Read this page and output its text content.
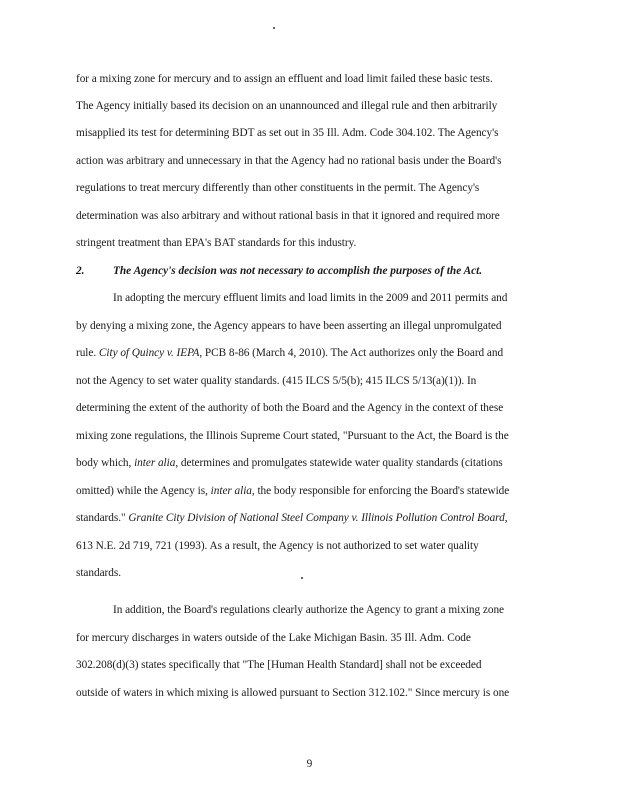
for a mixing zone for mercury and to assign an effluent and load limit failed these basic tests.
The Agency initially based its decision on an unannounced and illegal rule and then arbitrarily
misapplied its test for determining BDT as set out in 35 Ill. Adm. Code 304.102. The Agency's
action was arbitrary and unnecessary in that the Agency had no rational basis under the Board's
regulations to treat mercury differently than other constituents in the permit. The Agency's
determination was also arbitrary and without rational basis in that it ignored and required more
stringent treatment than EPA's BAT standards for this industry.
2.	The Agency's decision was not necessary to accomplish the purposes of the Act.
In adopting the mercury effluent limits and load limits in the 2009 and 2011 permits and
by denying a mixing zone, the Agency appears to have been asserting an illegal unpromulgated
rule. City of Quincy v. IEPA, PCB 8-86 (March 4, 2010). The Act authorizes only the Board and
not the Agency to set water quality standards. (415 ILCS 5/5(b); 415 ILCS 5/13(a)(1)). In
determining the extent of the authority of both the Board and the Agency in the context of these
mixing zone regulations, the Illinois Supreme Court stated, "Pursuant to the Act, the Board is the
body which, inter alia, determines and promulgates statewide water quality standards (citations
omitted) while the Agency is, inter alia, the body responsible for enforcing the Board's statewide
standards." Granite City Division of National Steel Company v. Illinois Pollution Control Board,
613 N.E. 2d 719, 721 (1993). As a result, the Agency is not authorized to set water quality
standards.
In addition, the Board's regulations clearly authorize the Agency to grant a mixing zone
for mercury discharges in waters outside of the Lake Michigan Basin. 35 Ill. Adm. Code
302.208(d)(3) states specifically that "The [Human Health Standard] shall not be exceeded
outside of waters in which mixing is allowed pursuant to Section 312.102." Since mercury is one
9
